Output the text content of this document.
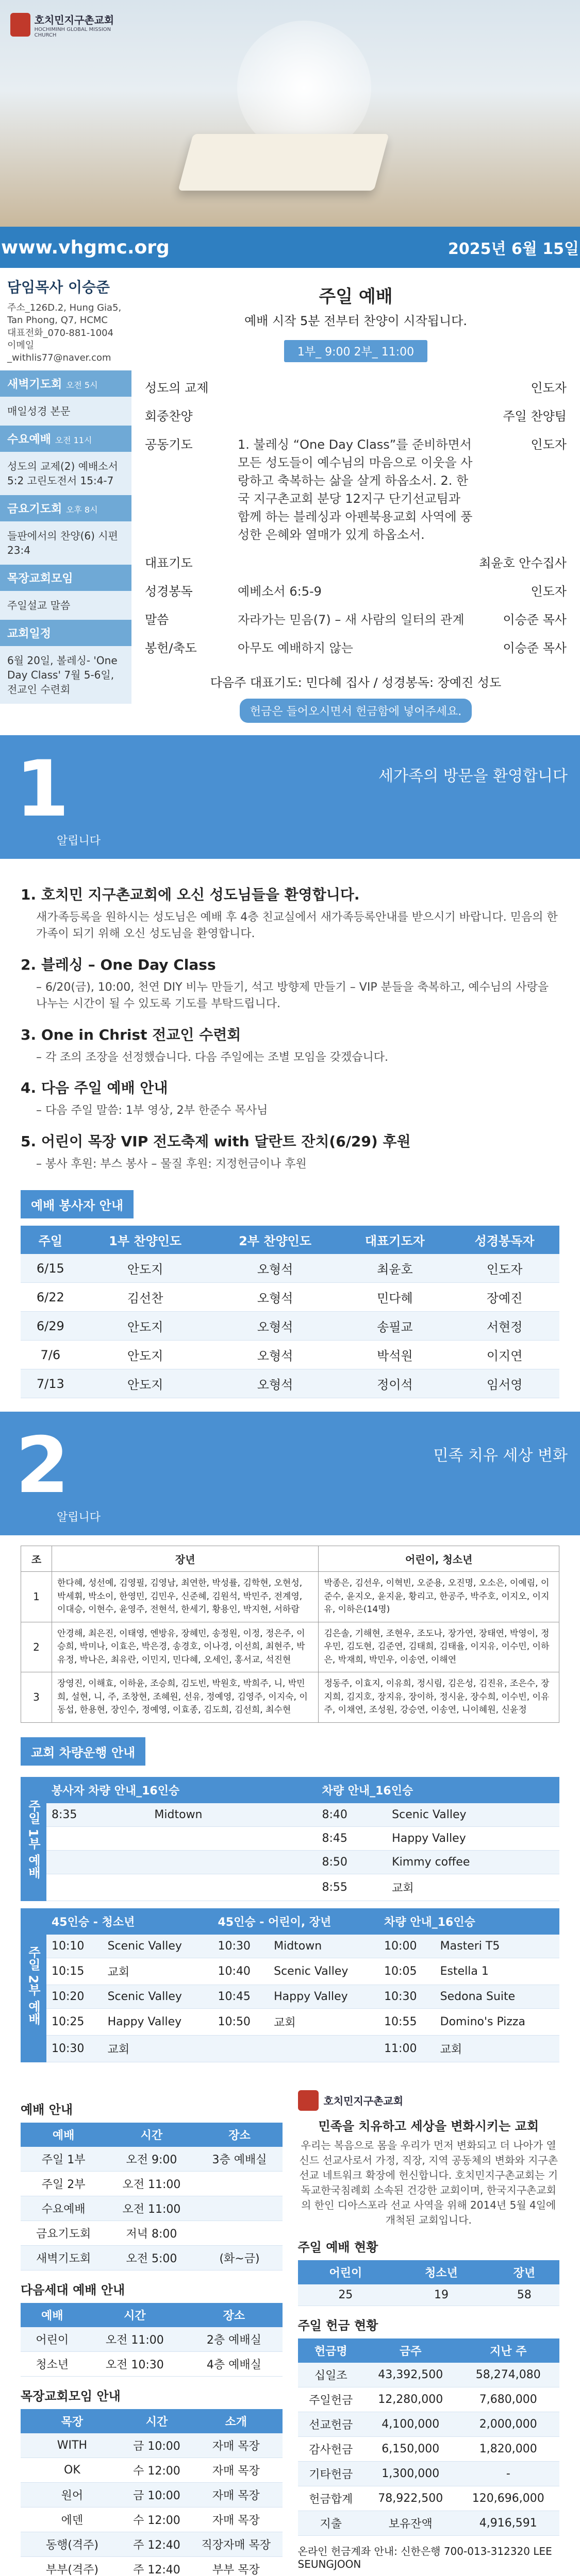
호치민지구촌교회
HOCHIMINH GLOBAL MISSION CHURCH
www.vhgmc.org	2025년 6월 15일
담임목사 이승준
주소_126D.2, Hung Gia5, Tan Phong, Q7, HCMC
대표전화_070-881-1004
이메일_withlis77@naver.com
새벽기도회 오전 5시
매일성경 본문
수요예배 오전 11시
성도의 교제(2) 예배소서 5:2 고린도전서 15:4-7
금요기도회 오후 8시
들판에서의 찬양(6) 시편 23:4
목장교회모임
주일설교 말씀
교회일정
6월 20일, 볼레싱- 'One Day Class' 7월 5-6일, 전교인 수련회
주일 예배
예배 시작 5분 전부터 찬양이 시작됩니다.
1부_ 9:00 2부_ 11:00
성도의 교제		인도자
회중찬양		주일 찬양팀
공동기도	1. 불레싱 “One Day Class”를 준비하면서 모든 성도들이 예수님의 마음으로 이웃을 사랑하고 축복하는 삶을 살게 하옵소서. 2. 한국 지구촌교회 분당 12지구 단기선교팀과 함께 하는 블레싱과 아펜북용교회 사역에 풍성한 은혜와 열매가 있게 하옵소서.	인도자
대표기도		최윤호 안수집사
성경봉독	예베소서 6:5-9	인도자
말씀	자라가는 믿음(7) – 새 사람의 일터의 관계	이승준 목사
봉헌/축도	아무도 예배하지 않는	이승준 목사
다음주 대표기도: 민다혜 집사 / 성경봉독: 장예진 성도
헌금은 들어오시면서 헌금함에 넣어주세요.
1
알립니다
세가족의 방문을 환영합니다
1. 호치민 지구촌교회에 오신 성도님들을 환영합니다.

새가족등록을 원하시는 성도님은 예배 후 4층 친교실에서 새가족등록안내를 받으시기 바랍니다. 믿음의 한 가족이 되기 위해 오신 성도님을 환영합니다.

2. 블레싱 – One Day Class

– 6/20(금), 10:00, 천연 DIY 비누 만들기, 석고 방향제 만들기 – VIP 분들을 축복하고, 예수님의 사랑을 나누는 시간이 될 수 있도록 기도를 부탁드립니다.

3. One in Christ 전교인 수련회

– 각 조의 조장을 선정했습니다. 다음 주일에는 조별 모임을 갖겠습니다.

4. 다음 주일 예배 안내

– 다음 주일 말씀: 1부 영상, 2부 한준수 목사님

5. 어린이 목장 VIP 전도축제 with 달란트 잔치(6/29) 후원

– 봉사 후원: 부스 봉사 – 물질 후원: 지정헌금이나 후원

예배 봉사자 안내
주일	1부 찬양인도	2부 찬양인도	대표기도자	성경봉독자
6/15	안도지	오형석	최윤호	인도자
6/22	김선찬	오형석	민다혜	장예진
6/29	안도지	오형석	송필교	서현정
7/6	안도지	오형석	박석원	이지연
7/13	안도지	오형석	정이석	임서영
2
알립니다
민족 치유 세상 변화
조	장년	어린이, 청소년
1	한다혜, 성선예, 김영필, 김영남, 최연한, 박성률, 김학현, 오현성, 박세휘, 박소이, 한영민, 김민우, 신준혜, 김원석, 박민주, 전계영, 이대승, 이현수, 윤영주, 전현석, 한세기, 황용인, 박지현, 서하람	박종은, 김선우, 이혁빈, 오준용, 오진명, 오소은, 이예림, 이준수, 윤지오, 윤지윤, 황리고, 한공주, 박주호, 이지오, 이지유, 이하은(14명)
2	안경해, 최은진, 이태영, 엔방유, 장혜민, 송정원, 이정, 정은주, 이승희, 박미나, 이효은, 박은경, 송경호, 이나경, 이선희, 최현주, 박유정, 박나은, 최유란, 이민지, 민다혜, 오세인, 홍서교, 석진현	김은솔, 기해현, 조현우, 조도나, 장가연, 장태연, 박영이, 정우민, 김도현, 김준연, 김태희, 김태율, 이지유, 이수민, 이하은, 박재희, 박민우, 이송연, 이해연
3	장영진, 이해효, 이하윤, 조승희, 김도빈, 박원호, 박희주, 니, 박민희, 설현, 니, 주, 조창현, 조혜원, 선유, 정예영, 김영주, 이지숙, 이동섭, 한용현, 장인수, 정예영, 이효종, 김도희, 김선희, 최수현	정동주, 이효지, 이유희, 정시림, 김은성, 김진유, 조은수, 장지희, 김지호, 장지유, 장이하, 정시윤, 장수희, 이수빈, 이유주, 이채연, 조성원, 강승연, 이송연, 니이혜원, 신윤정
교회 차량운행 안내
주일 1부 예배
봉사자 차량 안내_16인승		차량 안내_16인승	
8:35	Midtown	8:40	Scenic Valley
		8:45	Happy Valley
		8:50	Kimmy coffee
		8:55	교회
주일 2부 예배
45인승 - 청소년		45인승 - 어린이, 장년		차량 안내_16인승	
10:10	Scenic Valley	10:30	Midtown	10:00	Masteri T5
10:15	교회	10:40	Scenic Valley	10:05	Estella 1
10:20	Scenic Valley	10:45	Happy Valley	10:30	Sedona Suite
10:25	Happy Valley	10:50	교회	10:55	Domino's Pizza
10:30	교회			11:00	교회
예배 안내
예배	시간	장소
주일 1부	오전 9:00	3층 예배실
주일 2부	오전 11:00	
수요예배	오전 11:00	
금요기도회	저녁 8:00	
새벽기도회	오전 5:00	(화~금)
다음세대 예배 안내
예배	시간	장소
어린이	오전 11:00	2층 예배실
청소년	오전 10:30	4층 예배실
목장교회모임 안내
목장	시간	소개
WITH	금 10:00	자매 목장
OK	수 12:00	자매 목장
원어	금 10:00	자매 목장
에덴	수 12:00	자매 목장
동행(격주)	주 12:40	직장자매 목장
부부(격주)	주 12:40	부부 목장

호치민지구촌교회
민족을 치유하고 세상을 변화시키는 교회
우리는 복음으로 몸을 우리가 먼저 변화되고 더 나아가 열신드 선교사로서 가정, 직장, 지역 공동체의 변화와 지구촌 선교 네트워크 확장에 헌신합니다. 호치민지구촌교회는 기독교한국침례회 소속된 건강한 교회이며, 한국지구촌교회의 한인 디아스포라 선교 사역을 위해 2014년 5월 4일에 개척된 교회입니다.
주일 예배 현황
어린이	청소년	장년
25	19	58
주일 헌금 현황
헌금명	금주	지난 주
십일조	43,392,500	58,274,080
주일헌금	12,280,000	7,680,000
선교헌금	4,100,000	2,000,000
감사헌금	6,150,000	1,820,000
기타헌금	1,300,000	-
헌금합계	78,922,500	120,696,000
지출	보유잔액	4,916,591
온라인 헌금계좌 안내: 신한은행 700-013-312320 LEE SEUNGJOON
